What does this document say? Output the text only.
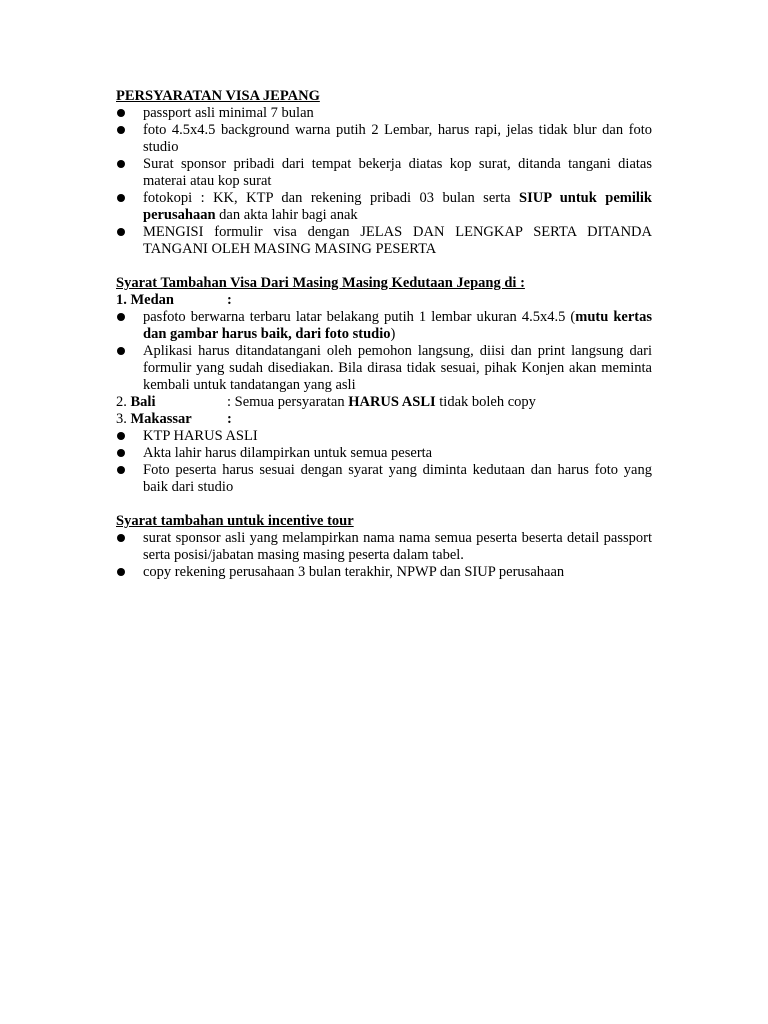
PERSYARATAN VISA JEPANG

passport asli minimal 7 bulan
foto 4.5x4.5 background warna putih 2 Lembar, harus rapi, jelas tidak blur dan foto studio
Surat sponsor pribadi dari tempat bekerja diatas kop surat, ditanda tangani diatas materai atau kop surat
fotokopi : KK, KTP dan rekening pribadi 03 bulan serta SIUP untuk pemilik perusahaan dan akta lahir bagi anak
MENGISI formulir visa dengan JELAS DAN LENGKAP SERTA DITANDA TANGANI OLEH MASING MASING PESERTA

Syarat Tambahan Visa Dari Masing Masing Kedutaan Jepang di :

1. Medan	:
pasfoto berwarna terbaru latar belakang putih 1 lembar ukuran 4.5x4.5 (mutu kertas dan gambar harus baik, dari foto studio)
Aplikasi harus ditandatangani oleh pemohon langsung, diisi dan print langsung dari formulir yang sudah disediakan. Bila dirasa tidak sesuai, pihak Konjen akan meminta kembali untuk tandatangan yang asli
2. Bali	: Semua persyaratan HARUS ASLI tidak boleh copy
3. Makassar	:
KTP HARUS ASLI
Akta lahir harus dilampirkan untuk semua peserta
Foto peserta harus sesuai dengan syarat yang diminta kedutaan dan harus foto yang baik dari studio

Syarat tambahan untuk incentive tour

surat sponsor asli yang melampirkan nama nama semua peserta beserta detail passport serta posisi/jabatan masing masing peserta dalam tabel.
copy rekening perusahaan 3 bulan terakhir, NPWP dan SIUP perusahaan
